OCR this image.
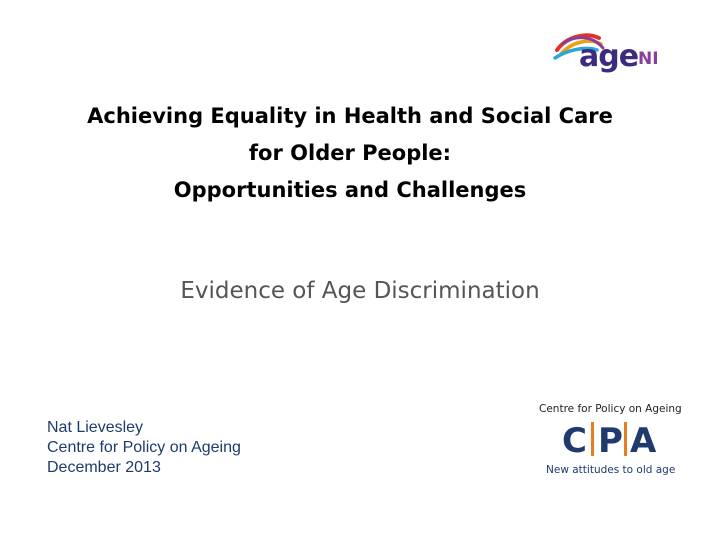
age NI
Achieving Equality in Health and Social Care
for Older People:
Opportunities and Challenges
Evidence of Age Discrimination
Nat Lievesley
Centre for Policy on Ageing
December 2013
Centre for Policy on Ageing
C P A
New attitudes to old age
